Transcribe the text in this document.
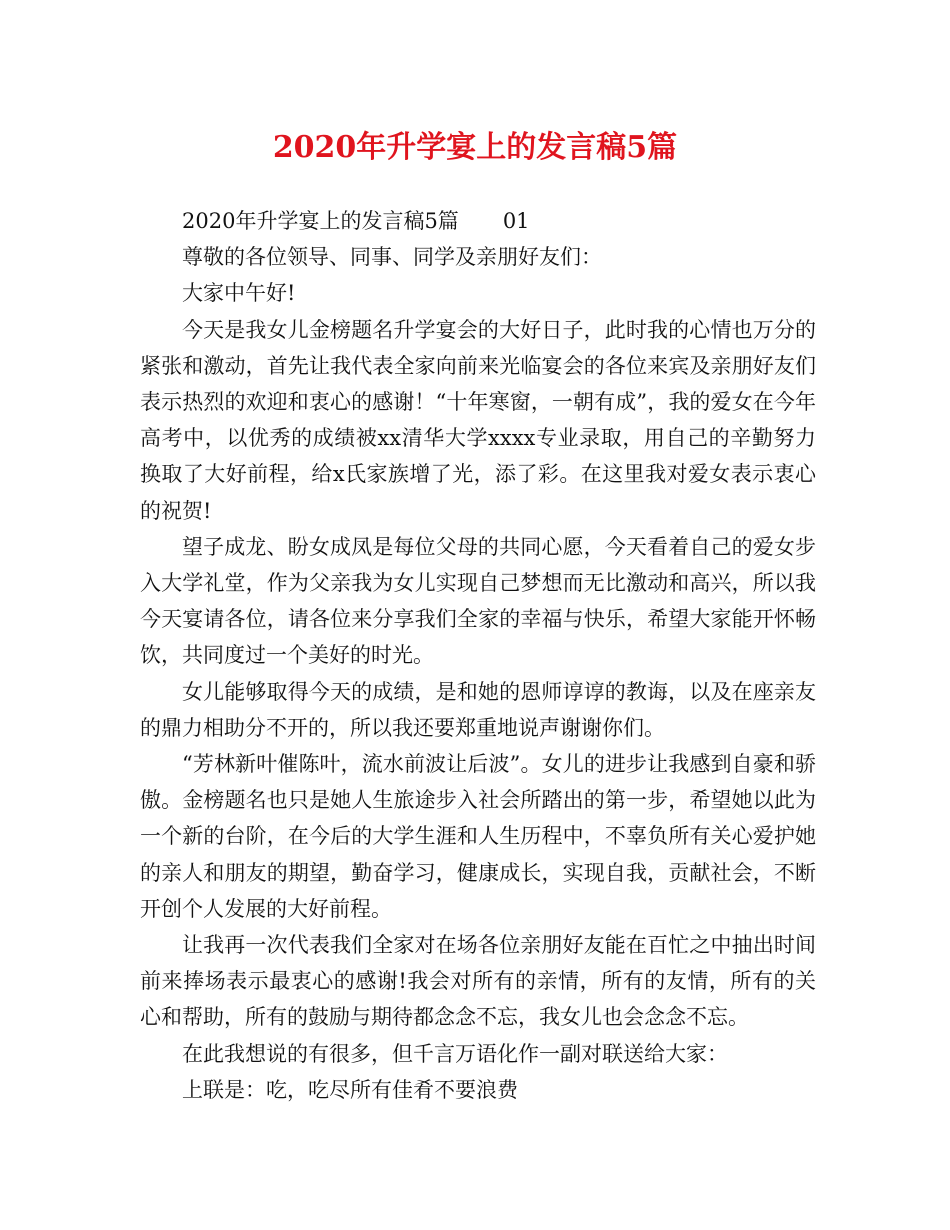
2020年升学宴上的发言稿5篇

2020年升学宴上的发言稿5篇 01

尊敬的各位领导、同事、同学及亲朋好友们：

大家中午好!

今天是我女儿金榜题名升学宴会的大好日子，此时我的心情也万分的紧张和激动，首先让我代表全家向前来光临宴会的各位来宾及亲朋好友们表示热烈的欢迎和衷心的感谢！“十年寒窗，一朝有成”，我的爱女在今年高考中，以优秀的成绩被xx清华大学xxxx专业录取，用自己的辛勤努力换取了大好前程，给x氏家族增了光，添了彩。在这里我对爱女表示衷心的祝贺!

望子成龙、盼女成凤是每位父母的共同心愿，今天看着自己的爱女步入大学礼堂，作为父亲我为女儿实现自己梦想而无比激动和高兴，所以我今天宴请各位，请各位来分享我们全家的幸福与快乐，希望大家能开怀畅饮，共同度过一个美好的时光。

女儿能够取得今天的成绩，是和她的恩师谆谆的教诲，以及在座亲友的鼎力相助分不开的，所以我还要郑重地说声谢谢你们。

“芳林新叶催陈叶，流水前波让后波”。女儿的进步让我感到自豪和骄傲。金榜题名也只是她人生旅途步入社会所踏出的第一步，希望她以此为一个新的台阶，在今后的大学生涯和人生历程中，不辜负所有关心爱护她的亲人和朋友的期望，勤奋学习，健康成长，实现自我，贡献社会，不断开创个人发展的大好前程。

让我再一次代表我们全家对在场各位亲朋好友能在百忙之中抽出时间前来捧场表示最衷心的感谢!我会对所有的亲情，所有的友情，所有的关心和帮助，所有的鼓励与期待都念念不忘，我女儿也会念念不忘。

在此我想说的有很多，但千言万语化作一副对联送给大家：

上联是：吃，吃尽所有佳肴不要浪费
